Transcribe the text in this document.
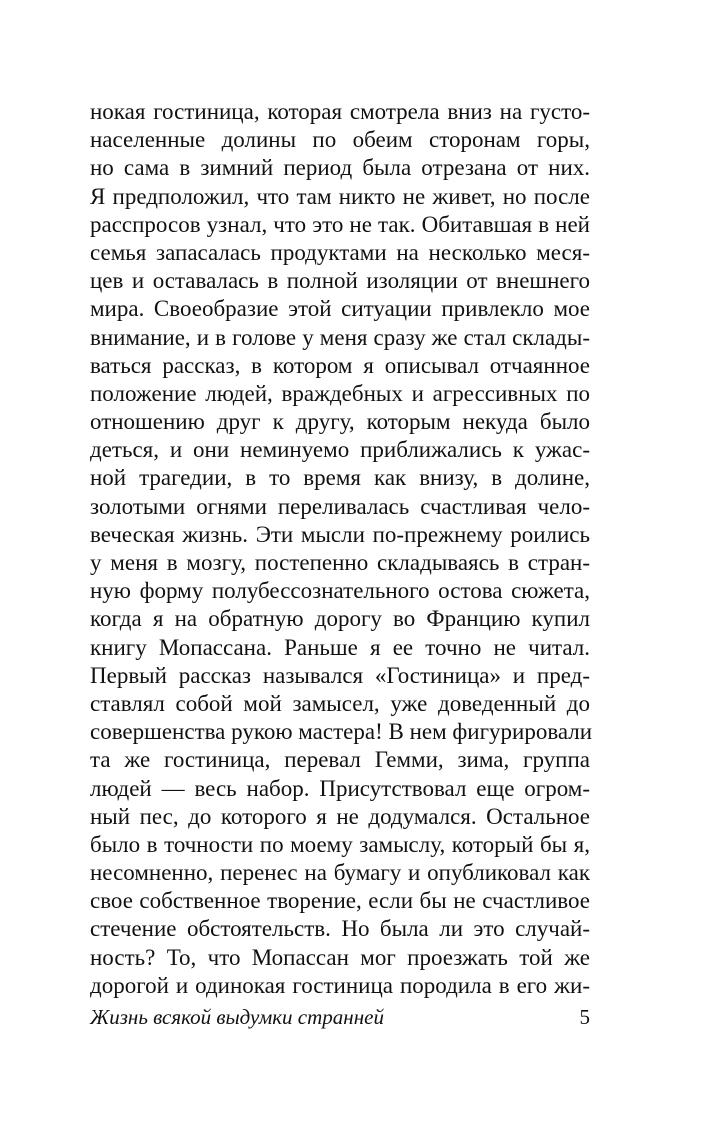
нокая гостиница, которая смотрела вниз на густо-
населенные долины по обеим сторонам горы,
но сама в зимний период была отрезана от них.
Я предположил, что там никто не живет, но после
расспросов узнал, что это не так. Обитавшая в ней
семья запасалась продуктами на несколько меся-
цев и оставалась в полной изоляции от внешнего
мира. Своеобразие этой ситуации привлекло мое
внимание, и в голове у меня сразу же стал склады-
ваться рассказ, в котором я описывал отчаянное
положение людей, враждебных и агрессивных по
отношению друг к другу, которым некуда было
деться, и они неминуемо приближались к ужас-
ной трагедии, в то время как внизу, в долине,
золотыми огнями переливалась счастливая чело-
веческая жизнь. Эти мысли по-прежнему роились
у меня в мозгу, постепенно складываясь в стран-
ную форму полубессознательного остова сюжета,
когда я на обратную дорогу во Францию купил
книгу Мопассана. Раньше я ее точно не читал.
Первый рассказ назывался «Гостиница» и пред-
ставлял собой мой замысел, уже доведенный до
совершенства рукою мастера! В нем фигурировали
та же гостиница, перевал Гемми, зима, группа
людей — весь набор. Присутствовал еще огром-
ный пес, до которого я не додумался. Остальное
было в точности по моему замыслу, который бы я,
несомненно, перенес на бумагу и опубликовал как
свое собственное творение, если бы не счастливое
стечение обстоятельств. Но была ли это случай-
ность? То, что Мопассан мог проезжать той же
дорогой и одинокая гостиница породила в его жи-
Жизнь всякой выдумки странней	5
